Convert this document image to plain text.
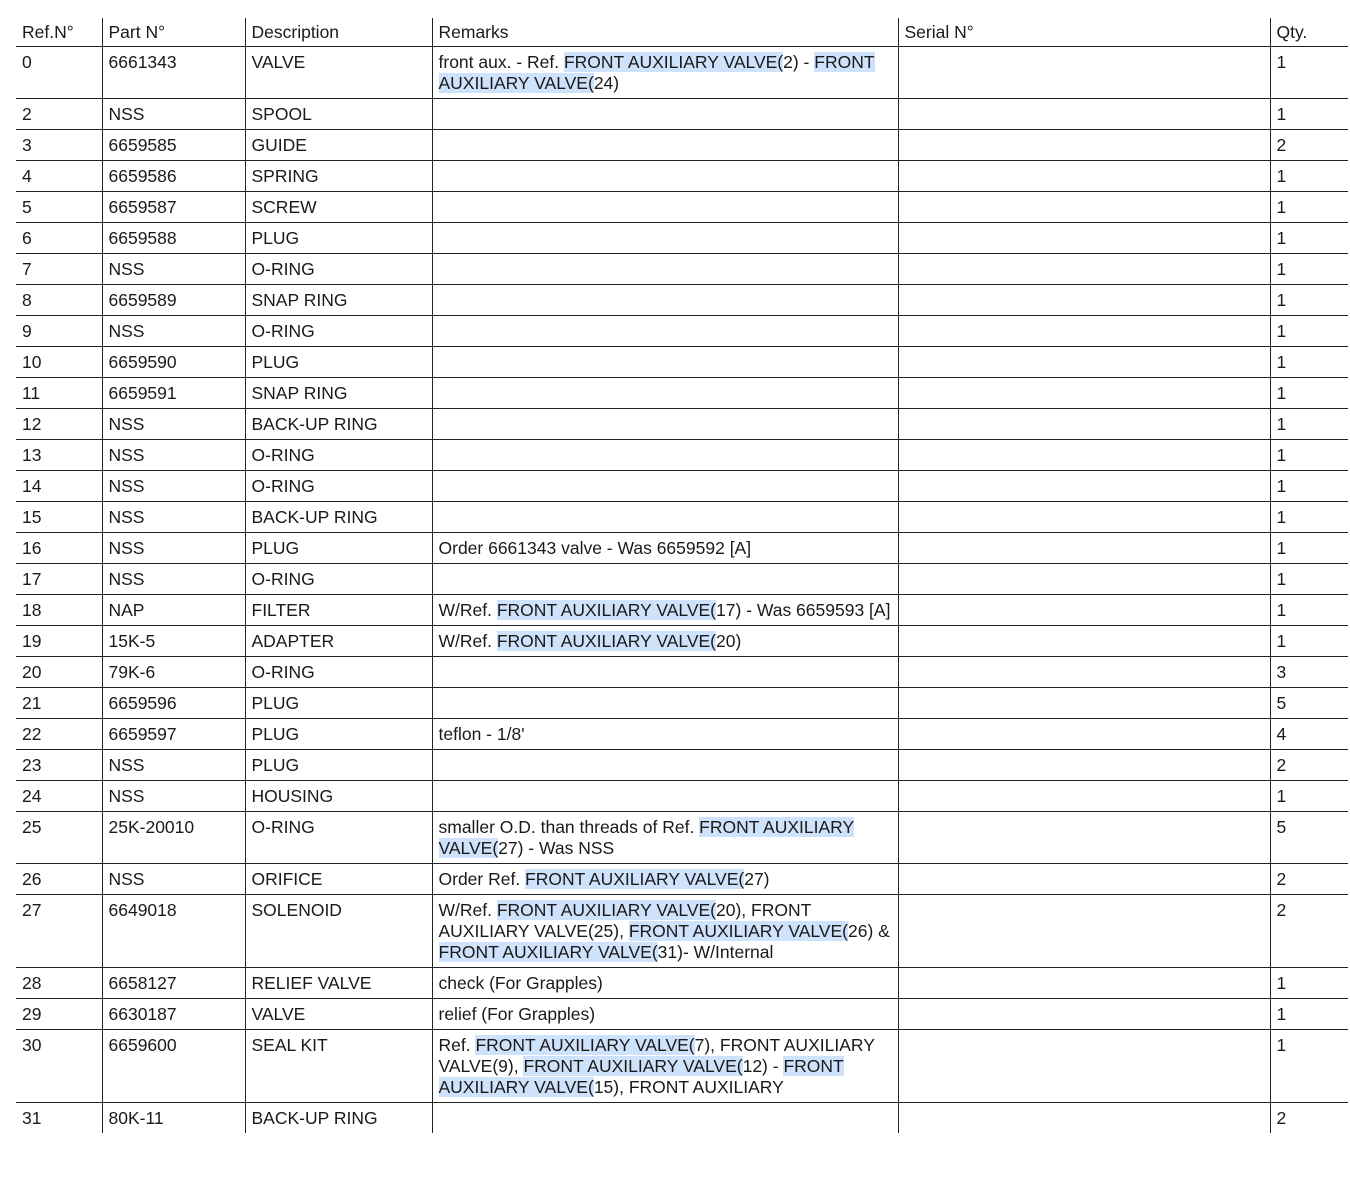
Ref.N°	Part N°	Description	Remarks	Serial N°	Qty.
0	6661343	VALVE	front aux. - Ref. FRONT AUXILIARY VALVE(2) - FRONT AUXILIARY VALVE(24)		1
2	NSS	SPOOL			1
3	6659585	GUIDE			2
4	6659586	SPRING			1
5	6659587	SCREW			1
6	6659588	PLUG			1
7	NSS	O-RING			1
8	6659589	SNAP RING			1
9	NSS	O-RING			1
10	6659590	PLUG			1
11	6659591	SNAP RING			1
12	NSS	BACK-UP RING			1
13	NSS	O-RING			1
14	NSS	O-RING			1
15	NSS	BACK-UP RING			1
16	NSS	PLUG	Order 6661343 valve - Was 6659592 [A]		1
17	NSS	O-RING			1
18	NAP	FILTER	W/Ref. FRONT AUXILIARY VALVE(17) - Was 6659593 [A]		1
19	15K-5	ADAPTER	W/Ref. FRONT AUXILIARY VALVE(20)		1
20	79K-6	O-RING			3
21	6659596	PLUG			5
22	6659597	PLUG	teflon - 1/8'		4
23	NSS	PLUG			2
24	NSS	HOUSING			1
25	25K-20010	O-RING	smaller O.D. than threads of Ref. FRONT AUXILIARY VALVE(27) - Was NSS		5
26	NSS	ORIFICE	Order Ref. FRONT AUXILIARY VALVE(27)		2
27	6649018	SOLENOID	W/Ref. FRONT AUXILIARY VALVE(20), FRONT AUXILIARY VALVE(25), FRONT AUXILIARY VALVE(26) & FRONT AUXILIARY VALVE(31)- W/Internal		2
28	6658127	RELIEF VALVE	check (For Grapples)		1
29	6630187	VALVE	relief (For Grapples)		1
30	6659600	SEAL KIT	Ref. FRONT AUXILIARY VALVE(7), FRONT AUXILIARY VALVE(9), FRONT AUXILIARY VALVE(12) - FRONT AUXILIARY VALVE(15), FRONT AUXILIARY		1
31	80K-11	BACK-UP RING			2
